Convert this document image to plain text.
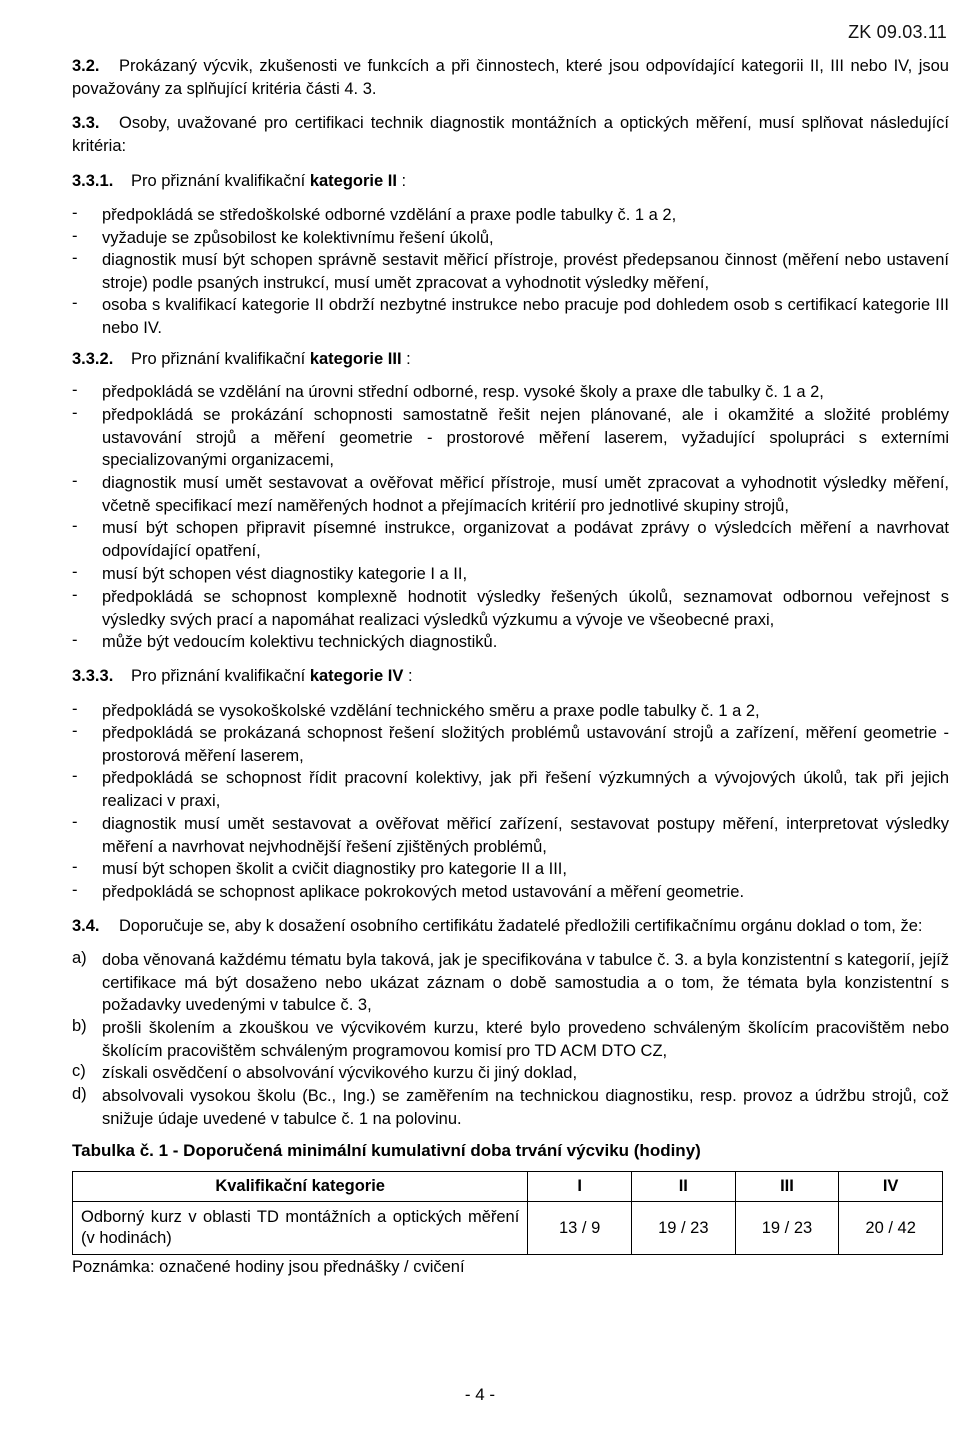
ZK 09.03.11
3.2. Prokázaný výcvik, zkušenosti ve funkcích a při činnostech, které jsou odpovídající kategorii II, III nebo IV, jsou považovány za splňující kritéria části 4. 3.
3.3. Osoby, uvažované pro certifikaci technik diagnostik montážních a optických měření, musí splňovat následující kritéria:
3.3.1. Pro přiznání kvalifikační kategorie II :
-	předpokládá se středoškolské odborné vzdělání a praxe podle tabulky č. 1 a 2,
-	vyžaduje se způsobilost ke kolektivnímu řešení úkolů,
-	diagnostik musí být schopen správně sestavit měřicí přístroje, provést předepsanou činnost (měření nebo ustavení stroje) podle psaných instrukcí, musí umět zpracovat a vyhodnotit výsledky měření,
-	osoba s kvalifikací kategorie II obdrží nezbytné instrukce nebo pracuje pod dohledem osob s certifikací kategorie III nebo IV.
3.3.2. Pro přiznání kvalifikační kategorie III :
-	předpokládá se vzdělání na úrovni střední odborné, resp. vysoké školy a praxe dle tabulky č. 1 a 2,
-	předpokládá se prokázání schopnosti samostatně řešit nejen plánované, ale i okamžité a složité problémy ustavování strojů a měření geometrie - prostorové měření laserem, vyžadující spolupráci s externími specializovanými organizacemi,
-	diagnostik musí umět sestavovat a ověřovat měřicí přístroje, musí umět zpracovat a vyhodnotit výsledky měření, včetně specifikací mezí naměřených hodnot a přejímacích kritérií pro jednotlivé skupiny strojů,
-	musí být schopen připravit písemné instrukce, organizovat a podávat zprávy o výsledcích měření a navrhovat odpovídající opatření,
-	musí být schopen vést diagnostiky kategorie I a II,
-	předpokládá se schopnost komplexně hodnotit výsledky řešených úkolů, seznamovat odbornou veřejnost s výsledky svých prací a napomáhat realizaci výsledků výzkumu a vývoje ve všeobecné praxi,
-	může být vedoucím kolektivu technických diagnostiků.
3.3.3. Pro přiznání kvalifikační kategorie IV :
-	předpokládá se vysokoškolské vzdělání technického směru a praxe podle tabulky č. 1 a 2,
-	předpokládá se prokázaná schopnost řešení složitých problémů ustavování strojů a zařízení, měření geometrie - prostorová měření laserem,
-	předpokládá se schopnost řídit pracovní kolektivy, jak při řešení výzkumných a vývojových úkolů, tak při jejich realizaci v praxi,
-	diagnostik musí umět sestavovat a ověřovat měřicí zařízení, sestavovat postupy měření, interpretovat výsledky měření a navrhovat nejvhodnější řešení zjištěných problémů,
-	musí být schopen školit a cvičit diagnostiky pro kategorie II a III,
-	předpokládá se schopnost aplikace pokrokových metod ustavování a měření geometrie.
3.4. Doporučuje se, aby k dosažení osobního certifikátu žadatelé předložili certifikačnímu orgánu doklad o tom, že:
a) doba věnovaná každému tématu byla taková, jak je specifikována v tabulce č. 3. a byla konzistentní s kategorií, jejíž certifikace má být dosaženo nebo ukázat záznam o době samostudia a o tom, že témata byla konzistentní s požadavky uvedenými v tabulce č. 3,
b) prošli školením a zkouškou ve výcvikovém kurzu, které bylo provedeno schváleným školícím pracovištěm nebo školícím pracovištěm schváleným programovou komisí pro TD ACM DTO CZ,
c) získali osvědčení o absolvování výcvikového kurzu či jiný doklad,
d) absolvovali vysokou školu (Bc., Ing.) se zaměřením na technickou diagnostiku, resp. provoz a údržbu strojů, což snižuje údaje uvedené v tabulce č. 1 na polovinu.
Tabulka č. 1 - Doporučená minimální kumulativní doba trvání výcviku (hodiny)
Kvalifikační kategorie	I	II	III	IV
Odborný kurz v oblasti TD montážních a optických měření (v hodinách)	13 / 9	19 / 23	19 / 23	20 / 42
Poznámka: označené hodiny jsou přednášky / cvičení
- 4 -
